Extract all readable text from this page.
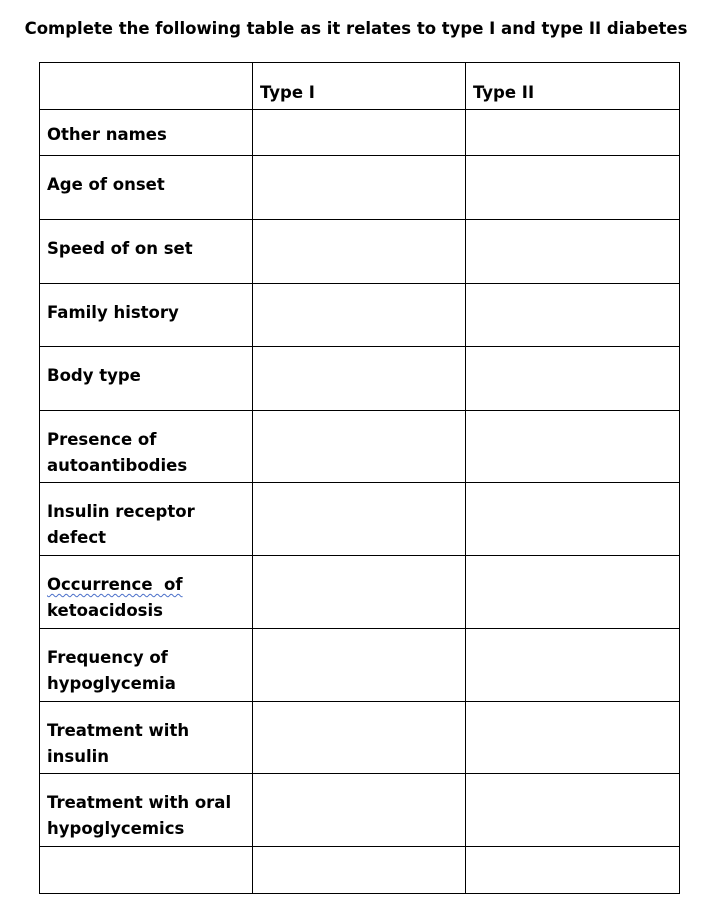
Complete the following table as it relates to type I and type II diabetes

	Type I	Type II

Other names		

Age of onset		

Speed of on set		

Family history		

Body type		

Presence of
autoantibodies		

Insulin receptor
defect		

Occurrence  of
ketoacidosis		

Frequency of
hypoglycemia		

Treatment with
insulin		

Treatment with oral
hypoglycemics		
